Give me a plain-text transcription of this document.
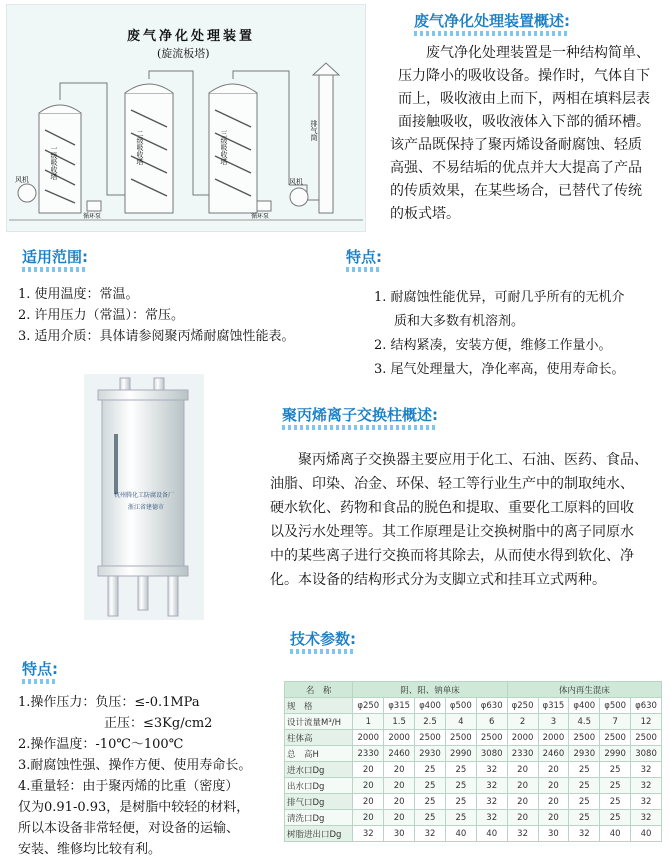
废气净化处理装置
(旋流板塔)
一级吸收塔	二级吸收塔	三级吸收塔	排气筒
风机	风机
循环泵	循环泵
废气净化处理装置概述:
废气净化处理装置是一种结构简单、
压力降小的吸收设备。操作时，气体自下
而上，吸收液由上而下，两相在填料层表
面接触吸收，吸收液体入下部的循环槽。
该产品既保持了聚丙烯设备耐腐蚀、轻质
高强、不易结垢的优点并大大提高了产品
的传质效果，在某些场合，已替代了传统
的板式塔。
适用范围:
1. 使用温度：常温。
2. 许用压力（常温）：常压。
3. 适用介质：具体请参阅聚丙烯耐腐蚀性能表。
特点:
1. 耐腐蚀性能优异，可耐几乎所有的无机介
质和大多数有机溶剂。
2. 结构紧凑，安装方便，维修工作量小。
3. 尾气处理量大，净化率高，使用寿命长。
杭州腾化工防腐设备厂
浙江省建德市
聚丙烯离子交换柱概述:
聚丙烯离子交换器主要应用于化工、石油、医药、食品、
油脂、印染、冶金、环保、轻工等行业生产中的制取纯水、
硬水软化、药物和食品的脱色和提取、重要化工原料的回收
以及污水处理等。其工作原理是让交换树脂中的离子同原水
中的某些离子进行交换而将其除去，从而使水得到软化、净
化。本设备的结构形式分为支脚立式和挂耳立式两种。
技术参数:
特点:
1.操作压力：负压：≤-0.1MPa
正压：≤3Kg/cm2
2.操作温度：-10℃～100℃
3.耐腐蚀性强、操作方便、使用寿命长。
4.重量轻：由于聚丙烯的比重（密度）
仅为0.91-0.93，是树脂中较轻的材料，
所以本设备非常轻便，对设备的运输、
安装、维修均比较有利。
名　称	阴、阳、钠单床					体内再生混床				
规　格	φ250	φ315	φ400	φ500	φ630	φ250	φ315	φ400	φ500	φ630
设计流量M³/H	1	1.5	2.5	4	6	2	3	4.5	7	12
柱体高	2000	2000	2500	2500	2500	2000	2000	2500	2500	2500
总　高H	2330	2460	2930	2990	3080	2330	2460	2930	2990	3080
进水口Dg	20	20	25	25	32	20	20	25	25	32
出水口Dg	20	20	25	25	32	20	20	25	25	32
排气口Dg	20	20	25	25	32	20	20	25	25	32
清洗口Dg	20	20	25	25	32	20	20	25	25	32
树脂进出口Dg	32	30	32	40	40	32	30	32	40	40
